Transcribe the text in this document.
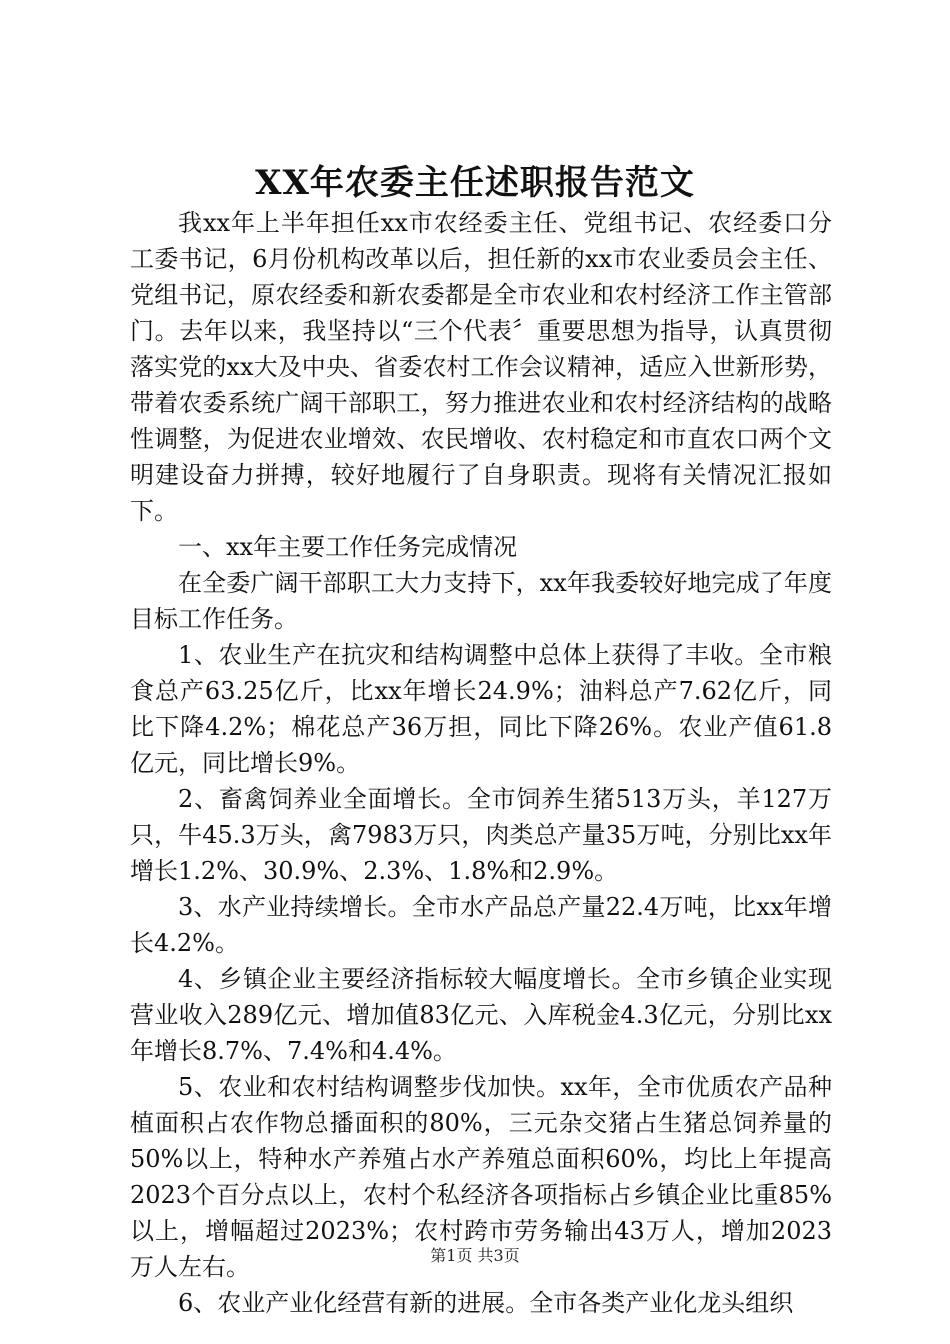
XX年农委主任述职报告范文

我xx年上半年担任xx市农经委主任、党组书记、农经委口分工委书记，6月份机构改革以后，担任新的xx市农业委员会主任、党组书记，原农经委和新农委都是全市农业和农村经济工作主管部门。去年以来，我坚持以“三个代表〞重要思想为指导，认真贯彻落实党的xx大及中央、省委农村工作会议精神，适应入世新形势，带着农委系统广阔干部职工，努力推进农业和农村经济结构的战略性调整，为促进农业增效、农民增收、农村稳定和市直农口两个文明建设奋力拼搏，较好地履行了自身职责。现将有关情况汇报如下。

一、xx年主要工作任务完成情况

在全委广阔干部职工大力支持下，xx年我委较好地完成了年度目标工作任务。

1、农业生产在抗灾和结构调整中总体上获得了丰收。全市粮食总产63.25亿斤，比xx年增长24.9%；油料总产7.62亿斤，同比下降4.2%；棉花总产36万担，同比下降26%。农业产值61.8亿元，同比增长9%。

2、畜禽饲养业全面增长。全市饲养生猪513万头，羊127万只，牛45.3万头，禽7983万只，肉类总产量35万吨，分别比xx年增长1.2%、30.9%、2.3%、1.8%和2.9%。

3、水产业持续增长。全市水产品总产量22.4万吨，比xx年增长4.2%。

4、乡镇企业主要经济指标较大幅度增长。全市乡镇企业实现营业收入289亿元、增加值83亿元、入库税金4.3亿元，分别比xx年增长8.7%、7.4%和4.4%。

5、农业和农村结构调整步伐加快。xx年，全市优质农产品种植面积占农作物总播面积的80%，三元杂交猪占生猪总饲养量的50%以上，特种水产养殖占水产养殖总面积60%，均比上年提高2023个百分点以上，农村个私经济各项指标占乡镇企业比重85%以上，增幅超过2023%；农村跨市劳务输出43万人，增加2023万人左右。

6、农业产业化经营有新的进展。全市各类产业化龙头组织

第1页 共3页
